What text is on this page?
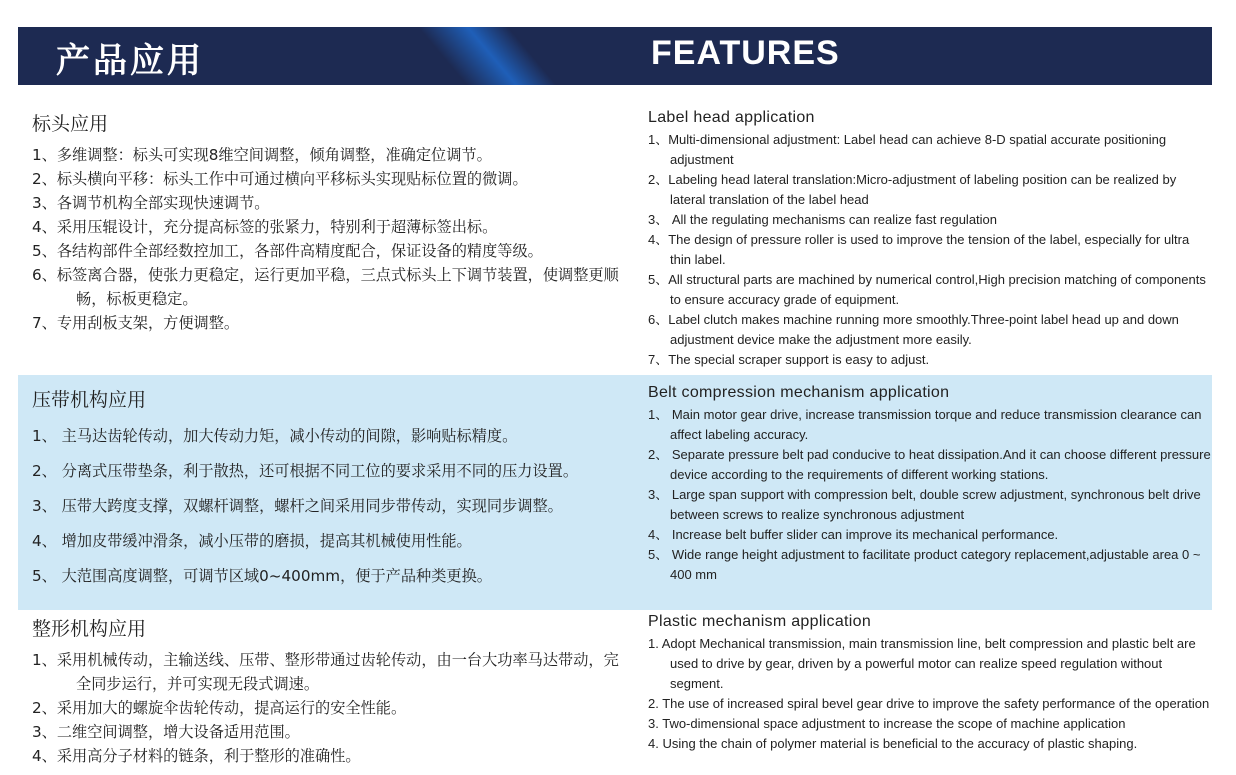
产品应用	FEATURES
标头应用
1、多维调整：标头可实现8维空间调整，倾角调整，准确定位调节。
2、标头横向平移：标头工作中可通过横向平移标头实现贴标位置的微调。
3、各调节机构全部实现快速调节。
4、采用压辊设计，充分提高标签的张紧力，特别利于超薄标签出标。
5、各结构部件全部经数控加工，各部件高精度配合，保证设备的精度等级。
6、标签离合器，使张力更稳定，运行更加平稳，三点式标头上下调节装置，使调整更顺畅，标板更稳定。
7、专用刮板支架，方便调整。
Label head application
1、Multi-dimensional adjustment: Label head can achieve 8-D spatial accurate positioning adjustment
2、Labeling head lateral translation:Micro-adjustment of labeling position can be realized by lateral translation of the label head
3、 All the regulating mechanisms can realize fast regulation
4、The design of pressure roller is used to improve the tension of the label, especially for ultra thin label.
5、All structural parts are machined by numerical control,High precision matching of components to ensure accuracy grade of equipment.
6、Label clutch makes machine running more smoothly.Three-point label head up and down adjustment device make the adjustment more easily.
7、The special scraper support is easy to adjust.
压带机构应用
1、 主马达齿轮传动，加大传动力矩，减小传动的间隙，影响贴标精度。
2、 分离式压带垫条，利于散热，还可根据不同工位的要求采用不同的压力设置。
3、 压带大跨度支撑，双螺杆调整，螺杆之间采用同步带传动，实现同步调整。
4、 增加皮带缓冲滑条，减小压带的磨损，提高其机械使用性能。
5、 大范围高度调整，可调节区域0~400mm，便于产品种类更换。
Belt compression mechanism application
1、 Main motor gear drive, increase transmission torque and reduce transmission clearance can affect labeling accuracy.
2、 Separate pressure belt pad conducive to heat dissipation.And it can choose different pressure device according to the requirements of different working stations.
3、 Large span support with compression belt, double screw adjustment, synchronous belt drive between screws to realize synchronous adjustment
4、 Increase belt buffer slider can improve its mechanical performance.
5、 Wide range height adjustment to facilitate product category replacement,adjustable area 0 ~ 400 mm
整形机构应用
1、采用机械传动，主输送线、压带、整形带通过齿轮传动，由一台大功率马达带动，完全同步运行，并可实现无段式调速。
2、采用加大的螺旋伞齿轮传动，提高运行的安全性能。
3、二维空间调整，增大设备适用范围。
4、采用高分子材料的链条，利于整形的准确性。
Plastic mechanism application
1. Adopt Mechanical transmission, main transmission line, belt compression and plastic belt are used to drive by gear, driven by a powerful motor can realize speed regulation without segment.
2. The use of increased spiral bevel gear drive to improve the safety performance of the operation
3. Two-dimensional space adjustment to increase the scope of machine application
4. Using the chain of polymer material is beneficial to the accuracy of plastic shaping.
